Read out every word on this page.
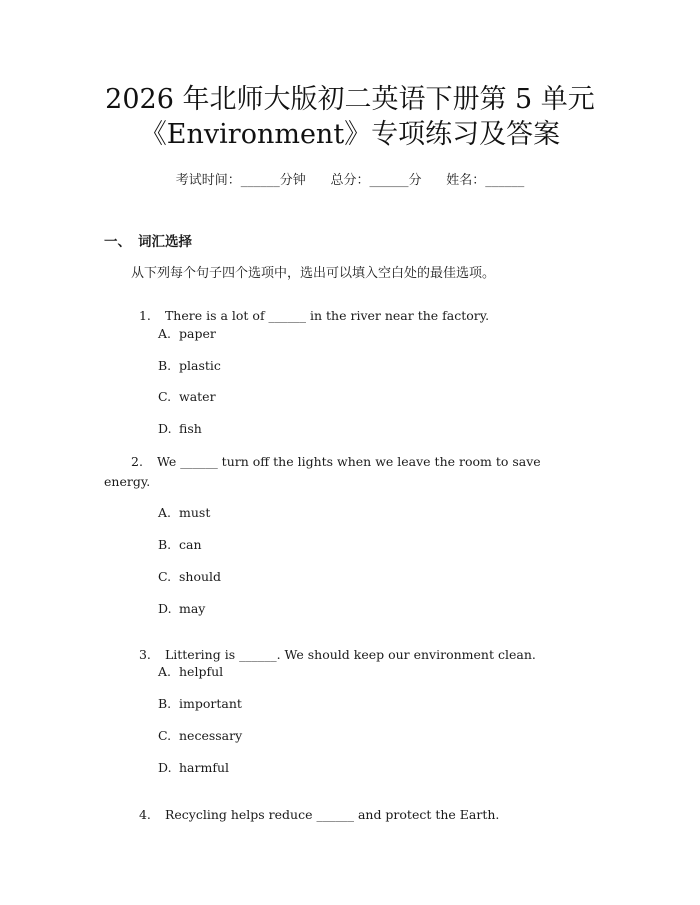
2026 年北师大版初二英语下册第 5 单元
《Environment》专项练习及答案
考试时间：______分钟      总分：______分      姓名：______
一、 词汇选择
从下列每个句子四个选项中，选出可以填入空白处的最佳选项。

1. There is a lot of ______ in the river near the factory.

A. paper
B. plastic
C. water
D. fish
2. We ______ turn off the lights when we leave the room to save energy.
A. must
B. can
C. should
D. may

3. Littering is ______. We should keep our environment clean.

A. helpful
B. important
C. necessary
D. harmful

4. Recycling helps reduce ______ and protect the Earth.
